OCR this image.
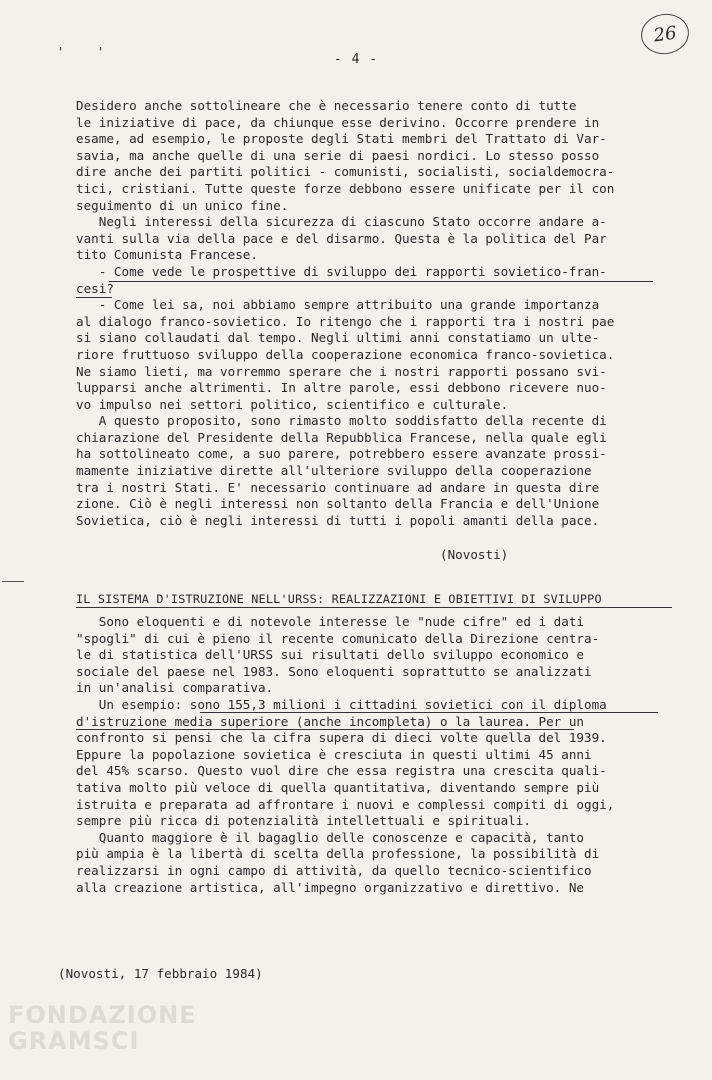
- 4 -
26
'	'
Desidero anche sottolineare che è necessario tenere conto di tutte
le iniziative di pace, da chiunque esse derivino. Occorre prendere in
esame, ad esempio, le proposte degli Stati membri del Trattato di Var-
savia, ma anche quelle di una serie di paesi nordici. Lo stesso posso
dire anche dei partiti politici - comunisti, socialisti, socialdemocra-
tici, cristiani. Tutte queste forze debbono essere unificate per il con
seguimento di un unico fine.
Negli interessi della sicurezza di ciascuno Stato occorre andare a-
vanti sulla via della pace e del disarmo. Questa è la politica del Par
tito Comunista Francese.
- Come vede le prospettive di sviluppo dei rapporti sovietico-fran-
cesi?
- Come lei sa, noi abbiamo sempre attribuito una grande importanza
al dialogo franco-sovietico. Io ritengo che i rapporti tra i nostri pae
si siano collaudati dal tempo. Negli ultimi anni constatiamo un ulte-
riore fruttuoso sviluppo della cooperazione economica franco-sovietica.
Ne siamo lieti, ma vorremmo sperare che i nostri rapporti possano svi-
lupparsi anche altrimenti. In altre parole, essi debbono ricevere nuo-
vo impulso nei settori politico, scientifico e culturale.
A questo proposito, sono rimasto molto soddisfatto della recente di
chiarazione del Presidente della Repubblica Francese, nella quale egli
ha sottolineato come, a suo parere, potrebbero essere avanzate prossi-
mamente iniziative dirette all'ulteriore sviluppo della cooperazione
tra i nostri Stati. E' necessario continuare ad andare in questa dire
zione. Ciò è negli interessi non soltanto della Francia e dell'Unione
Sovietica, ciò è negli interessi di tutti i popoli amanti della pace.
(Novosti)
IL SISTEMA D'ISTRUZIONE NELL'URSS: REALIZZAZIONI E OBIETTIVI DI SVILUPPO
Sono eloquenti e di notevole interesse le "nude cifre" ed i dati
"spogli" di cui è pieno il recente comunicato della Direzione centra-
le di statistica dell'URSS sui risultati dello sviluppo economico e
sociale del paese nel 1983. Sono eloquenti soprattutto se analizzati
in un'analisi comparativa.
Un esempio: sono 155,3 milioni i cittadini sovietici con il diploma
d'istruzione media superiore (anche incompleta) o la laurea. Per un
confronto si pensi che la cifra supera di dieci volte quella del 1939.
Eppure la popolazione sovietica è cresciuta in questi ultimi 45 anni
del 45% scarso. Questo vuol dire che essa registra una crescita quali-
tativa molto più veloce di quella quantitativa, diventando sempre più
istruita e preparata ad affrontare i nuovi e complessi compiti di oggi,
sempre più ricca di potenzialità intellettuali e spirituali.
Quanto maggiore è il bagaglio delle conoscenze e capacità, tanto
più ampia è la libertà di scelta della professione, la possibilità di
realizzarsi in ogni campo di attività, da quello tecnico-scientifico
alla creazione artistica, all'impegno organizzativo e direttivo. Ne
(Novosti, 17 febbraio 1984)
FONDAZIONE
GRAMSCI
